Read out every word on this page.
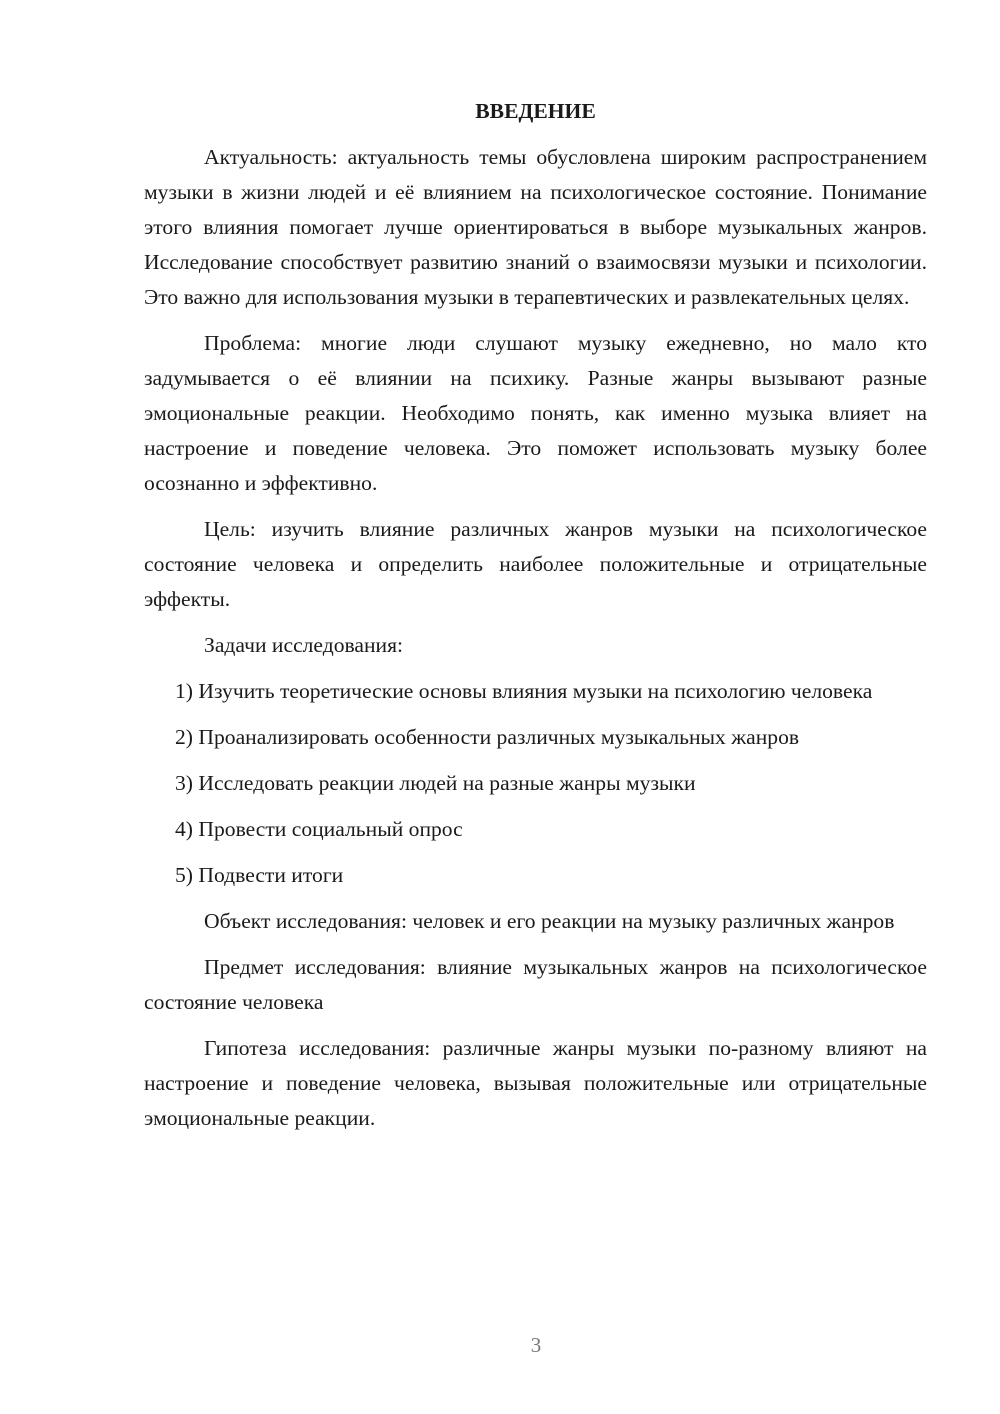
ВВЕДЕНИЕ

Актуальность: актуальность темы обусловлена широким распространением музыки в жизни людей и её влиянием на психологическое состояние. Понимание этого влияния помогает лучше ориентироваться в выборе музыкальных жанров. Исследование способствует развитию знаний о взаимосвязи музыки и психологии. Это важно для использования музыки в терапевтических и развлекательных целях.

Проблема: многие люди слушают музыку ежедневно, но мало кто задумывается о её влиянии на психику. Разные жанры вызывают разные эмоциональные реакции. Необходимо понять, как именно музыка влияет на настроение и поведение человека. Это поможет использовать музыку более осознанно и эффективно.

Цель: изучить влияние различных жанров музыки на психологическое состояние человека и определить наиболее положительные и отрицательные эффекты.

Задачи исследования:

1) Изучить теоретические основы влияния музыки на психологию человека

2) Проанализировать особенности различных музыкальных жанров

3) Исследовать реакции людей на разные жанры музыки

4) Провести социальный опрос

5) Подвести итоги

Объект исследования: человек и его реакции на музыку различных жанров

Предмет исследования: влияние музыкальных жанров на психологическое состояние человека

Гипотеза исследования: различные жанры музыки по-разному влияют на настроение и поведение человека, вызывая положительные или отрицательные эмоциональные реакции.

3
